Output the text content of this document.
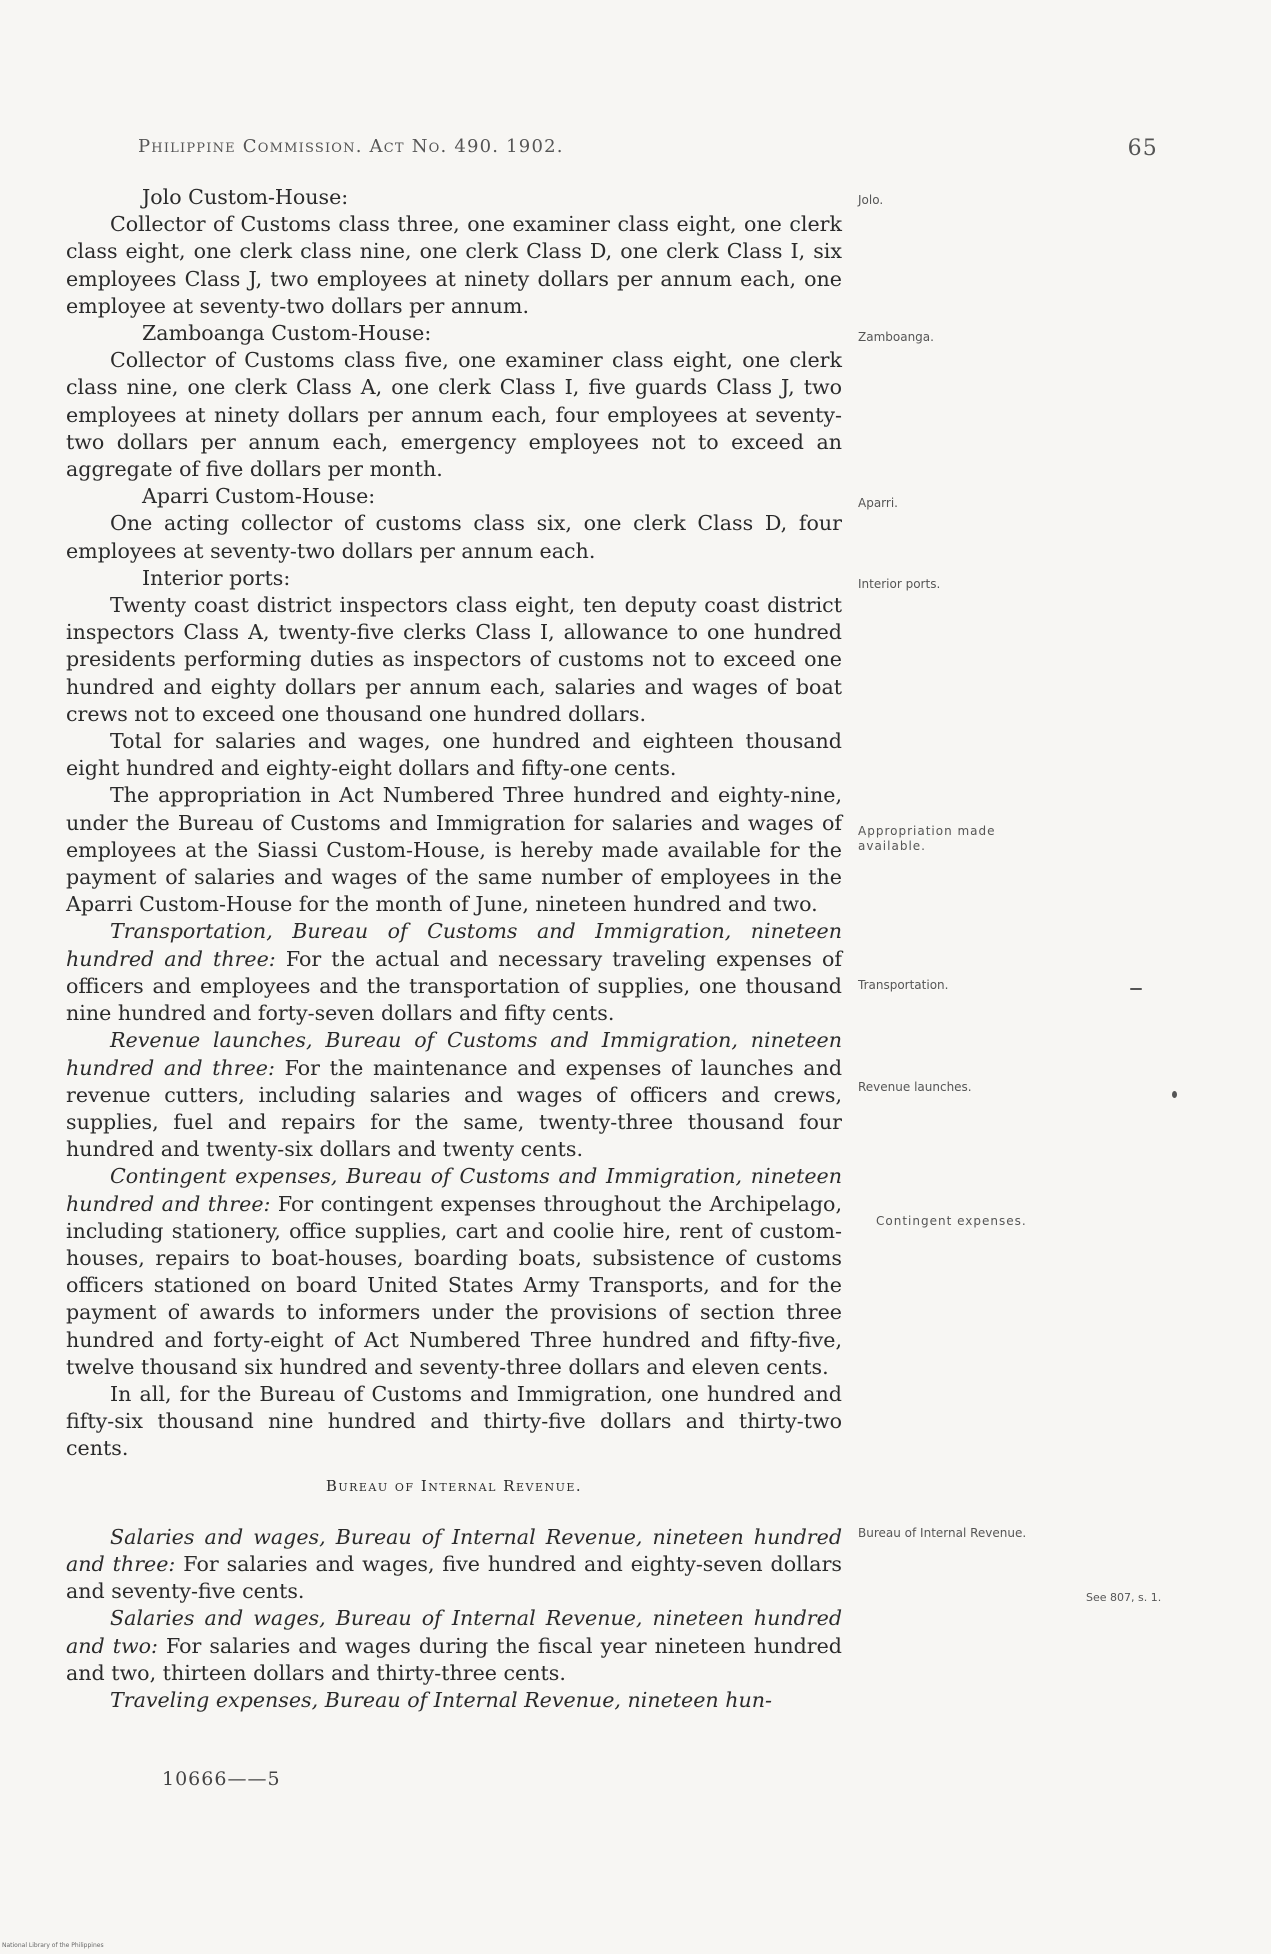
Philippine Commission. Act No. 490. 1902.	65

Jolo Custom-House:

Collector of Customs class three, one examiner class eight, one clerk class eight, one clerk class nine, one clerk Class D, one clerk Class I, six employees Class J, two employees at ninety dollars per annum each, one employee at seventy-two dollars per annum.

Zamboanga Custom-House:

Collector of Customs class five, one examiner class eight, one clerk class nine, one clerk Class A, one clerk Class I, five guards Class J, two employees at ninety dollars per annum each, four employees at seventy-two dollars per annum each, emergency employees not to exceed an aggregate of five dollars per month.

Aparri Custom-House:

One acting collector of customs class six, one clerk Class D, four employees at seventy-two dollars per annum each.

Interior ports:

Twenty coast district inspectors class eight, ten deputy coast district inspectors Class A, twenty-five clerks Class I, allowance to one hundred presidents performing duties as inspectors of customs not to exceed one hundred and eighty dollars per annum each, salaries and wages of boat crews not to exceed one thousand one hundred dollars.

Total for salaries and wages, one hundred and eighteen thousand eight hundred and eighty-eight dollars and fifty-one cents.

The appropriation in Act Numbered Three hundred and eighty-nine, under the Bureau of Customs and Immigration for salaries and wages of employees at the Siassi Custom-House, is hereby made available for the payment of salaries and wages of the same number of employees in the Aparri Custom-House for the month of June, nineteen hundred and two.

Transportation, Bureau of Customs and Immigration, nineteen hundred and three: For the actual and necessary traveling expenses of officers and employees and the transportation of supplies, one thousand nine hundred and forty-seven dollars and fifty cents.

Revenue launches, Bureau of Customs and Immigration, nineteen hundred and three: For the maintenance and expenses of launches and revenue cutters, including salaries and wages of officers and crews, supplies, fuel and repairs for the same, twenty-three thousand four hundred and twenty-six dollars and twenty cents.

Contingent expenses, Bureau of Customs and Immigration, nineteen hundred and three: For contingent expenses throughout the Archipelago, including stationery, office supplies, cart and coolie hire, rent of custom-houses, repairs to boat-houses, boarding boats, subsistence of customs officers stationed on board United States Army Transports, and for the payment of awards to informers under the provisions of section three hundred and forty-eight of Act Numbered Three hundred and fifty-five, twelve thousand six hundred and seventy-three dollars and eleven cents.

In all, for the Bureau of Customs and Immigration, one hundred and fifty-six thousand nine hundred and thirty-five dollars and thirty-two cents.

Bureau of Internal Revenue.

Salaries and wages, Bureau of Internal Revenue, nineteen hundred and three: For salaries and wages, five hundred and eighty-seven dollars and seventy-five cents.

Salaries and wages, Bureau of Internal Revenue, nineteen hundred and two: For salaries and wages during the fiscal year nineteen hundred and two, thirteen dollars and thirty-three cents.

Traveling expenses, Bureau of Internal Revenue, nineteen hun-

Jolo.
Zamboanga.
Aparri.
Interior ports.
Appropriation made available.
Transportation.
Revenue launches.
Contingent expenses.
Bureau of Internal Revenue.
See 807, s. 1.
10666——5
National Library of the Philippines
